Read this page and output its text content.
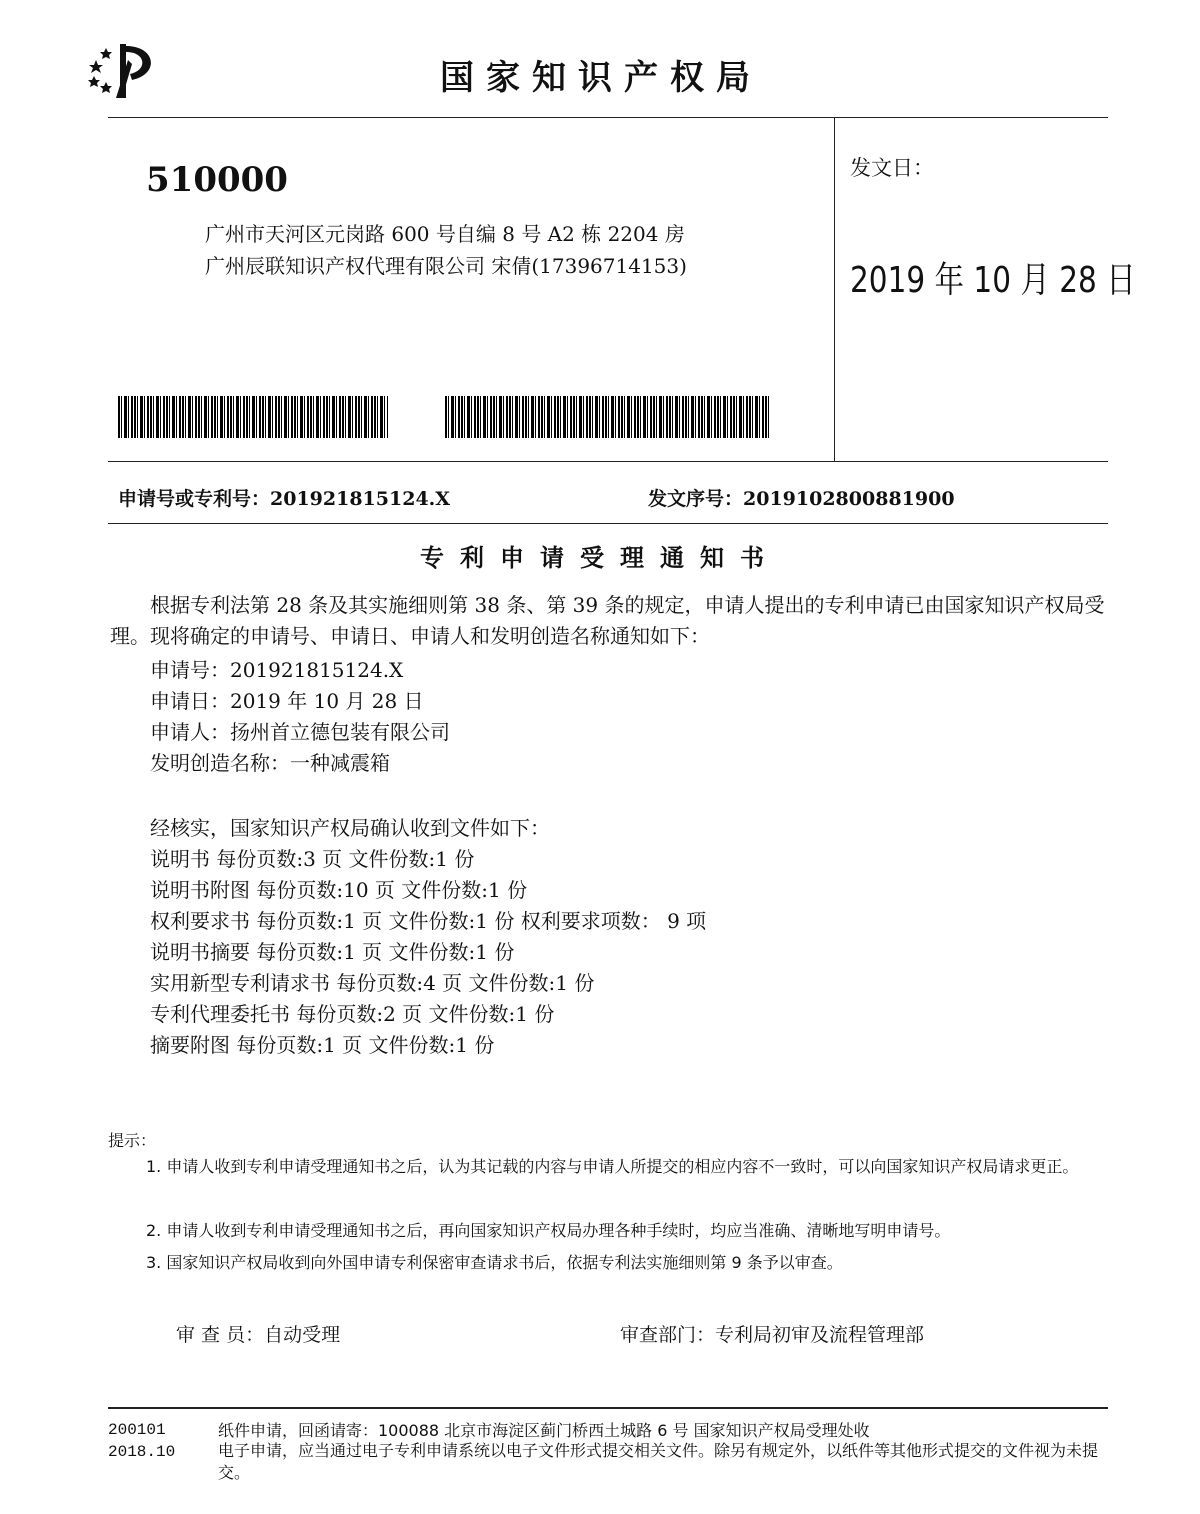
国家知识产权局
510000
广州市天河区元岗路 600 号自编 8 号 A2 栋 2204 房
广州辰联知识产权代理有限公司 宋倩(17396714153)
发文日：
2019 年 10 月 28 日
申请号或专利号：201921815124.X	发文序号：2019102800881900
专利申请受理通知书
根据专利法第 28 条及其实施细则第 38 条、第 39 条的规定，申请人提出的专利申请已由国家知识产权局受理。现将确定的申请号、申请日、申请人和发明创造名称通知如下：
申请号：201921815124.X
申请日：2019 年 10 月 28 日
申请人：扬州首立德包装有限公司
发明创造名称：一种减震箱
经核实，国家知识产权局确认收到文件如下：
说明书 每份页数:3 页 文件份数:1 份
说明书附图 每份页数:10 页 文件份数:1 份
权利要求书 每份页数:1 页 文件份数:1 份 权利要求项数： 9 项
说明书摘要 每份页数:1 页 文件份数:1 份
实用新型专利请求书 每份页数:4 页 文件份数:1 份
专利代理委托书 每份页数:2 页 文件份数:1 份
摘要附图 每份页数:1 页 文件份数:1 份
提示：
1. 申请人收到专利申请受理通知书之后，认为其记载的内容与申请人所提交的相应内容不一致时，可以向国家知识产权局请求更正。
2. 申请人收到专利申请受理通知书之后，再向国家知识产权局办理各种手续时，均应当准确、清晰地写明申请号。
3. 国家知识产权局收到向外国申请专利保密审查请求书后，依据专利法实施细则第 9 条予以审查。
审 查 员：自动受理	审查部门：专利局初审及流程管理部
200101
2018.10
纸件申请，回函请寄：100088 北京市海淀区蓟门桥西土城路 6 号 国家知识产权局受理处收
电子申请，应当通过电子专利申请系统以电子文件形式提交相关文件。除另有规定外，以纸件等其他形式提交的文件视为未提交。
